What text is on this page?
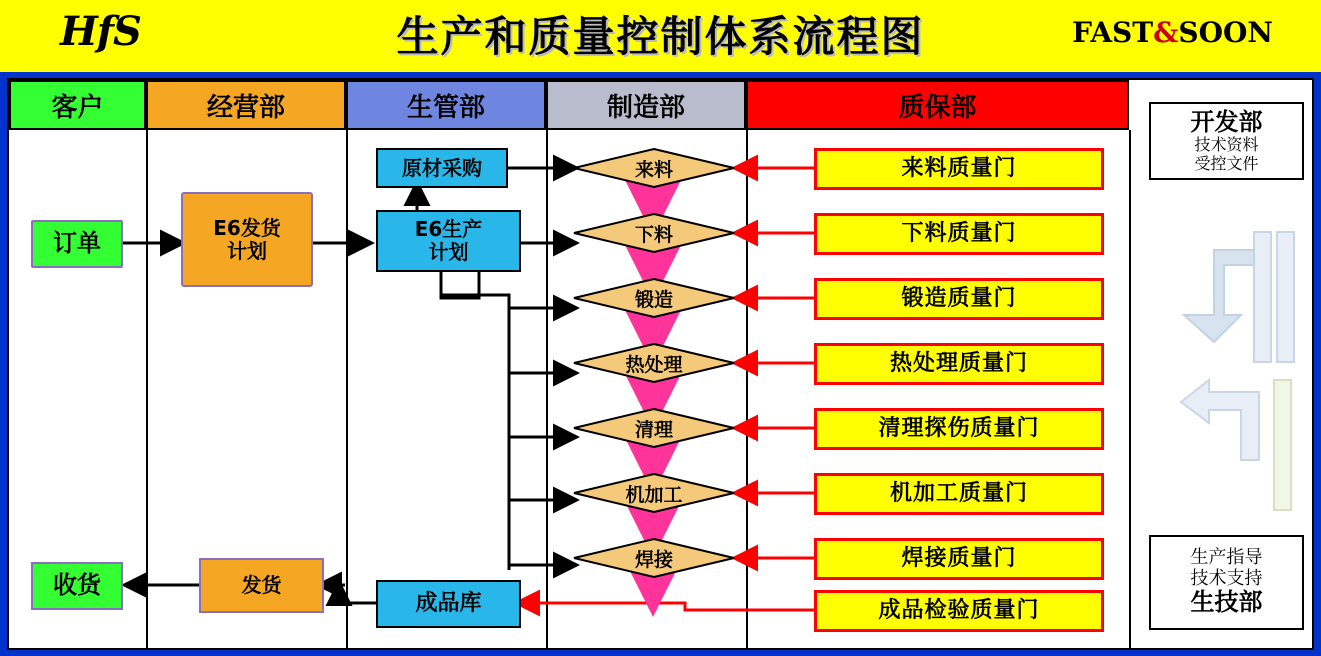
HfS	生产和质量控制体系流程图	FAST&SOON
客户	经营部	生管部	制造部	质保部
订单
收货
E6发货
计划
发货
原材采购
E6生产
计划
成品库
来料
下料
锻造
热处理
清理
机加工
焊接
来料质量门
下料质量门
锻造质量门
热处理质量门
清理探伤质量门
机加工质量门
焊接质量门
成品检验质量门
开发部
技术资料
受控文件
生产指导
技术支持
生技部
